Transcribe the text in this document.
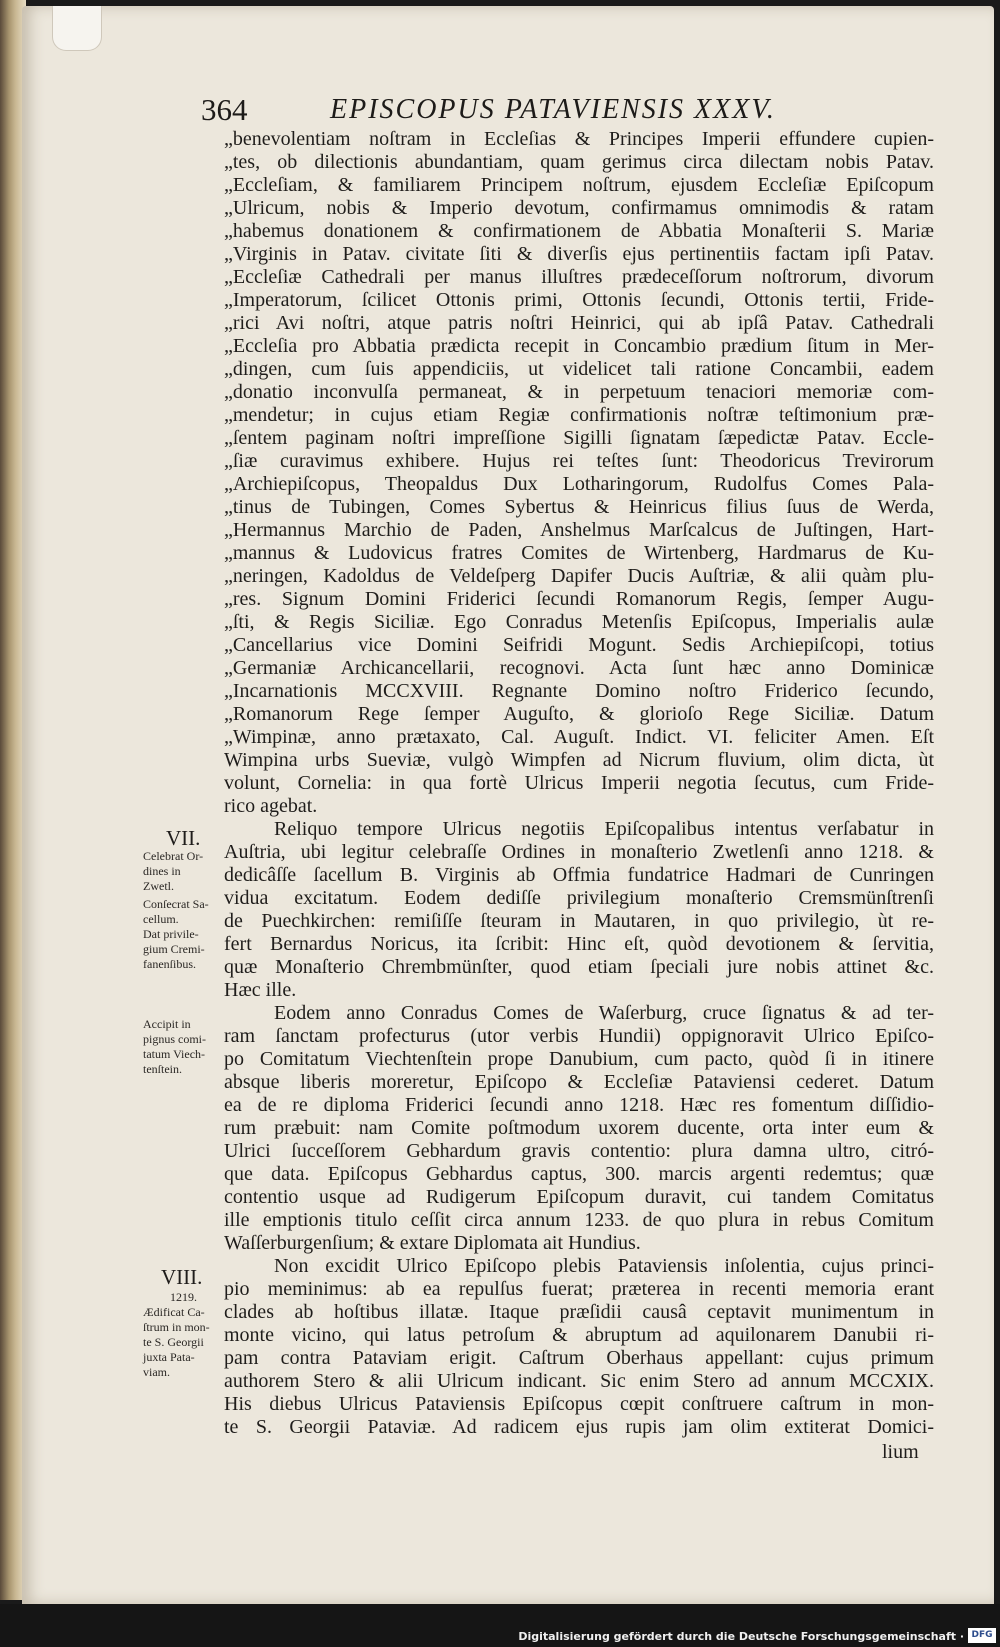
364	EPISCOPUS PATAVIENSIS XXXV.

„benevolentiam noſtram in Eccleſias & Principes Imperii effundere cupien-

„tes, ob dilectionis abundantiam, quam gerimus circa dilectam nobis Patav.

„Eccleſiam, & familiarem Principem noſtrum, ejusdem Eccleſiæ Epiſcopum

„Ulricum, nobis & Imperio devotum, confirmamus omnimodis & ratam

„habemus donationem & confirmationem de Abbatia Monaſterii S. Mariæ

„Virginis in Patav. civitate ſiti & diverſis ejus pertinentiis factam ipſi Patav.

„Eccleſiæ Cathedrali per manus illuſtres prædeceſſorum noſtrorum, divorum

„Imperatorum, ſcilicet Ottonis primi, Ottonis ſecundi, Ottonis tertii, Fride-

„rici Avi noſtri, atque patris noſtri Heinrici, qui ab ipſâ Patav. Cathedrali

„Eccleſia pro Abbatia prædicta recepit in Concambio prædium ſitum in Mer-

„dingen, cum ſuis appendiciis, ut videlicet tali ratione Concambii, eadem

„donatio inconvulſa permaneat, & in perpetuum tenaciori memoriæ com-

„mendetur; in cujus etiam Regiæ confirmationis noſtræ teſtimonium præ-

„ſentem paginam noſtri impreſſione Sigilli ſignatam ſæpedictæ Patav. Eccle-

„ſiæ curavimus exhibere. Hujus rei teſtes ſunt: Theodoricus Trevirorum

„Archiepiſcopus, Theopaldus Dux Lotharingorum, Rudolfus Comes Pala-

„tinus de Tubingen, Comes Sybertus & Heinricus filius ſuus de Werda,

„Hermannus Marchio de Paden, Anshelmus Marſcalcus de Juſtingen, Hart-

„mannus & Ludovicus fratres Comites de Wirtenberg, Hardmarus de Ku-

„neringen, Kadoldus de Veldeſperg Dapifer Ducis Auſtriæ, & alii quàm plu-

„res. Signum Domini Friderici ſecundi Romanorum Regis, ſemper Augu-

„ſti, & Regis Siciliæ. Ego Conradus Metenſis Epiſcopus, Imperialis aulæ

„Cancellarius vice Domini Seifridi Mogunt. Sedis Archiepiſcopi, totius

„Germaniæ Archicancellarii, recognovi. Acta ſunt hæc anno Dominicæ

„Incarnationis MCCXVIII. Regnante Domino noſtro Friderico ſecundo,

„Romanorum Rege ſemper Auguſto, & glorioſo Rege Siciliæ. Datum

„Wimpinæ, anno prætaxato, Cal. Auguſt. Indict. VI. feliciter Amen. Eſt

Wimpina urbs Sueviæ, vulgò Wimpfen ad Nicrum fluvium, olim dicta, ùt

volunt, Cornelia: in qua fortè Ulricus Imperii negotia ſecutus, cum Fride-

rico agebat.

Reliquo tempore Ulricus negotiis Epiſcopalibus intentus verſabatur in

Auſtria, ubi legitur celebraſſe Ordines in monaſterio Zwetlenſi anno 1218. &

dedicâſſe ſacellum B. Virginis ab Offmia fundatrice Hadmari de Cunringen

vidua excitatum. Eodem dediſſe privilegium monaſterio Cremsmünſtrenſi

de Puechkirchen: remiſiſſe ſteuram in Mautaren, in quo privilegio, ùt re-

fert Bernardus Noricus, ita ſcribit: Hinc eſt, quòd devotionem & ſervitia,

quæ Monaſterio Chrembmünſter, quod etiam ſpeciali jure nobis attinet &c.

Hæc ille.

Eodem anno Conradus Comes de Waſerburg, cruce ſignatus & ad ter-

ram ſanctam profecturus (utor verbis Hundii) oppignoravit Ulrico Epiſco-

po Comitatum Viechtenſtein prope Danubium, cum pacto, quòd ſi in itinere

absque liberis moreretur, Epiſcopo & Eccleſiæ Pataviensi cederet. Datum

ea de re diploma Friderici ſecundi anno 1218. Hæc res fomentum diſſidio-

rum præbuit: nam Comite poſtmodum uxorem ducente, orta inter eum &

Ulrici ſucceſſorem Gebhardum gravis contentio: plura damna ultro, citró-

que data. Epiſcopus Gebhardus captus, 300. marcis argenti redemtus; quæ

contentio usque ad Rudigerum Epiſcopum duravit, cui tandem Comitatus

ille emptionis titulo ceſſit circa annum 1233. de quo plura in rebus Comitum

Waſſerburgenſium; & extare Diplomata ait Hundius.

Non excidit Ulrico Epiſcopo plebis Pataviensis inſolentia, cujus princi-

pio meminimus: ab ea repulſus fuerat; præterea in recenti memoria erant

clades ab hoſtibus illatæ. Itaque præſidii causâ ceptavit munimentum in

monte vicino, qui latus petroſum & abruptum ad aquilonarem Danubii ri-

pam contra Pataviam erigit. Caſtrum Oberhaus appellant: cujus primum

authorem Stero & alii Ulricum indicant. Sic enim Stero ad annum MCCXIX.

His diebus Ulricus Pataviensis Epiſcopus cœpit conſtruere caſtrum in mon-

te S. Georgii Pataviæ. Ad radicem ejus rupis jam olim extiterat Domici-

lium

VII.

VIII.

Celebrat Or-

dines in

Zwetl.

Conſecrat Sa-

cellum.

Dat privile-

gium Cremi-

fanenſibus.

Accipit in

pignus comi-

tatum Viech-

tenſtein.

1219.

Ædificat Ca-

ſtrum in mon-

te S. Georgii

juxta Pata-

viam.

Digitalisierung gefördert durch die Deutsche Forschungsgemeinschaft · DFG
